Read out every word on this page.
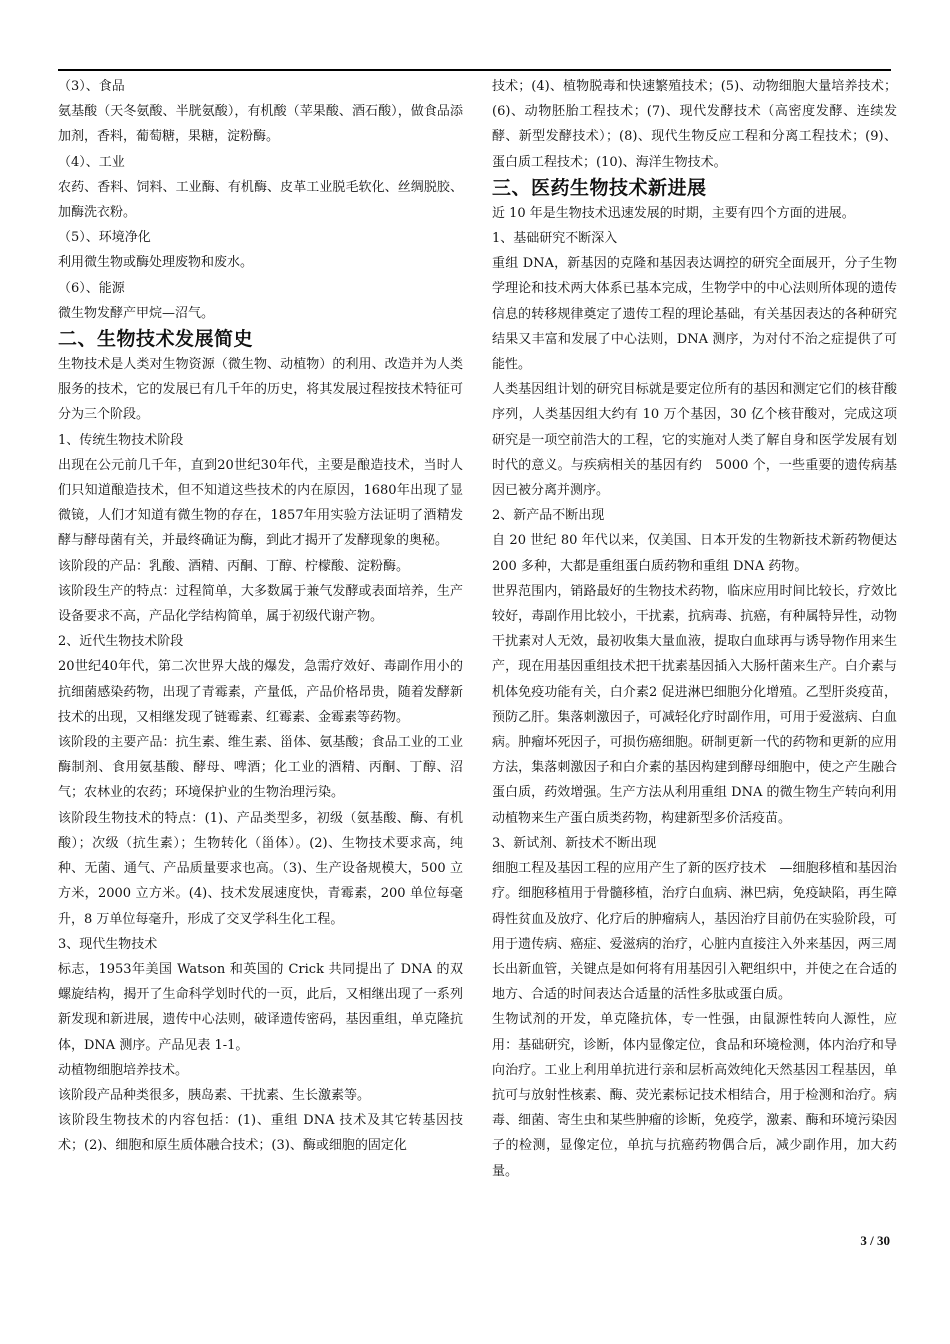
（3）、食品

氨基酸（天冬氨酸、半胱氨酸），有机酸（苹果酸、酒石酸），做食品添加剂，香料，葡萄糖，果糖，淀粉酶。

（4）、工业

农药、香料、饲料、工业酶、有机酶、皮革工业脱毛软化、丝绸脱胶、加酶洗衣粉。

（5）、环境净化

利用微生物或酶处理废物和废水。

（6）、能源

微生物发酵产甲烷—沼气。

二、生物技术发展简史

生物技术是人类对生物资源（微生物、动植物）的利用、改造并为人类服务的技术，它的发展已有几千年的历史，将其发展过程按技术特征可分为三个阶段。

1、传统生物技术阶段

出现在公元前几千年，直到20世纪30年代，主要是酿造技术，当时人们只知道酿造技术，但不知道这些技术的内在原因，1680年出现了显微镜，人们才知道有微生物的存在，1857年用实验方法证明了酒精发酵与酵母菌有关，并最终确证为酶，到此才揭开了发酵现象的奥秘。

该阶段的产品：乳酸、酒精、丙酮、丁醇、柠檬酸、淀粉酶。

该阶段生产的特点：过程简单，大多数属于兼气发酵或表面培养，生产设备要求不高，产品化学结构简单，属于初级代谢产物。

2、近代生物技术阶段

20世纪40年代，第二次世界大战的爆发，急需疗效好、毒副作用小的抗细菌感染药物，出现了青霉素，产量低，产品价格昂贵，随着发酵新技术的出现，又相继发现了链霉素、红霉素、金霉素等药物。

该阶段的主要产品：抗生素、维生素、甾体、氨基酸；食品工业的工业酶制剂、食用氨基酸、酵母、啤酒；化工业的酒精、丙酮、丁醇、沼气；农林业的农药；环境保护业的生物治理污染。

该阶段生物技术的特点：(1)、产品类型多，初级（氨基酸、酶、有机酸）；次级（抗生素）；生物转化（甾体）。(2)、生物技术要求高，纯种、无菌、通气、产品质量要求也高。（3)、生产设备规模大，500 立方米，2000 立方米。(4)、技术发展速度快，青霉素，200 单位每毫升，8 万单位每毫升，形成了交叉学科生化工程。

3、现代生物技术

标志，1953年美国 Watson 和英国的 Crick 共同提出了 DNA 的双螺旋结构，揭开了生命科学划时代的一页，此后，又相继出现了一系列新发现和新进展，遗传中心法则，破译遗传密码，基因重组，单克隆抗体，DNA 测序。产品见表 1-1。

动植物细胞培养技术。

该阶段产品种类很多，胰岛素、干扰素、生长激素等。

该阶段生物技术的内容包括：(1)、重组 DNA 技术及其它转基因技术；(2)、细胞和原生质体融合技术；(3)、酶或细胞的固定化

技术；(4)、植物脱毒和快速繁殖技术；(5)、动物细胞大量培养技术；(6)、动物胚胎工程技术；(7)、现代发酵技术（高密度发酵、连续发酵、新型发酵技术）；(8)、现代生物反应工程和分离工程技术；(9)、蛋白质工程技术；(10)、海洋生物技术。

三、医药生物技术新进展

近 10 年是生物技术迅速发展的时期，主要有四个方面的进展。

1、基础研究不断深入

重组 DNA，新基因的克隆和基因表达调控的研究全面展开，分子生物学理论和技术两大体系已基本完成，生物学中的中心法则所体现的遗传信息的转移规律奠定了遗传工程的理论基础，有关基因表达的各种研究结果又丰富和发展了中心法则，DNA 测序，为对付不治之症提供了可能性。

人类基因组计划的研究目标就是要定位所有的基因和测定它们的核苷酸序列，人类基因组大约有 10 万个基因，30 亿个核苷酸对，完成这项研究是一项空前浩大的工程，它的实施对人类了解自身和医学发展有划时代的意义。与疾病相关的基因有约　5000 个，一些重要的遗传病基因已被分离并测序。

2、新产品不断出现

自 20 世纪 80 年代以来，仅美国、日本开发的生物新技术新药物便达 200 多种，大都是重组蛋白质药物和重组 DNA 药物。

世界范围内，销路最好的生物技术药物，临床应用时间比较长，疗效比较好，毒副作用比较小，干扰素，抗病毒、抗癌，有种属特异性，动物干扰素对人无效，最初收集大量血液，提取白血球再与诱导物作用来生产，现在用基因重组技术把干扰素基因插入大肠杆菌来生产。白介素与机体免疫功能有关，白介素2 促进淋巴细胞分化增殖。乙型肝炎疫苗，预防乙肝。集落刺激因子，可减轻化疗时副作用，可用于爱滋病、白血病。肿瘤坏死因子，可损伤癌细胞。研制更新一代的药物和更新的应用方法，集落刺激因子和白介素的基因构建到酵母细胞中，使之产生融合蛋白质，药效增强。生产方法从利用重组 DNA 的微生物生产转向利用动植物来生产蛋白质类药物，构建新型多价活疫苗。

3、新试剂、新技术不断出现

细胞工程及基因工程的应用产生了新的医疗技术　—细胞移植和基因治疗。细胞移植用于骨髓移植，治疗白血病、淋巴病，免疫缺陷，再生障碍性贫血及放疗、化疗后的肿瘤病人，基因治疗目前仍在实验阶段，可用于遗传病、癌症、爱滋病的治疗，心脏内直接注入外来基因，两三周长出新血管，关键点是如何将有用基因引入靶组织中，并使之在合适的地方、合适的时间表达合适量的活性多肽或蛋白质。

生物试剂的开发，单克隆抗体，专一性强，由鼠源性转向人源性，应用：基础研究，诊断，体内显像定位，食品和环境检测，体内治疗和导向治疗。工业上利用单抗进行亲和层析高效纯化天然基因工程基因，单抗可与放射性核素、酶、荧光素标记技术相结合，用于检测和治疗。病毒、细菌、寄生虫和某些肿瘤的诊断，免疫学，激素、酶和环境污染因子的检测，显像定位，单抗与抗癌药物偶合后，减少副作用，加大药量。

3 / 30
